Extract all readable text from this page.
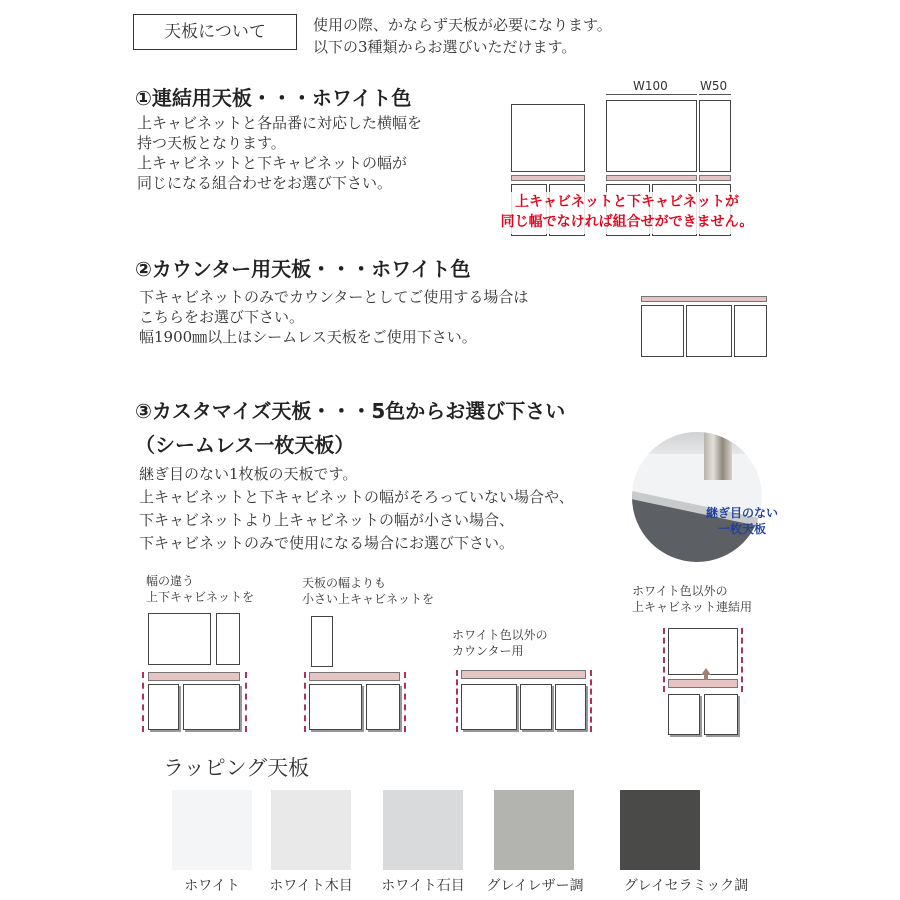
天板について	使用の際、かならず天板が必要になります。
以下の3種類からお選びいただけます。
①連結用天板・・・ホワイト色
上キャビネットと各品番に対応した横幅を
持つ天板となります。
上キャビネットと下キャビネットの幅が
同じになる組合わせをお選び下さい。
W100	W50
上キャビネットと下キャビネットが
同じ幅でなければ組合せができません。
②カウンター用天板・・・ホワイト色
下キャビネットのみでカウンターとしてご使用する場合は
こちらをお選び下さい。
幅1900㎜以上はシームレス天板をご使用下さい。
③カスタマイズ天板・・・5色からお選び下さい
（シームレス一枚天板）
継ぎ目のない1枚板の天板です。
上キャビネットと下キャビネットの幅がそろっていない場合や、
下キャビネットより上キャビネットの幅が小さい場合、
下キャビネットのみで使用になる場合にお選び下さい。
継ぎ目のない
一枚天板
幅の違う
上下キャビネットを
天板の幅よりも
小さい上キャビネットを
ホワイト色以外の
カウンター用
ホワイト色以外の
上キャビネット連結用
ラッピング天板
ホワイト	ホワイト木目	ホワイト石目	グレイレザー調	グレイセラミック調
